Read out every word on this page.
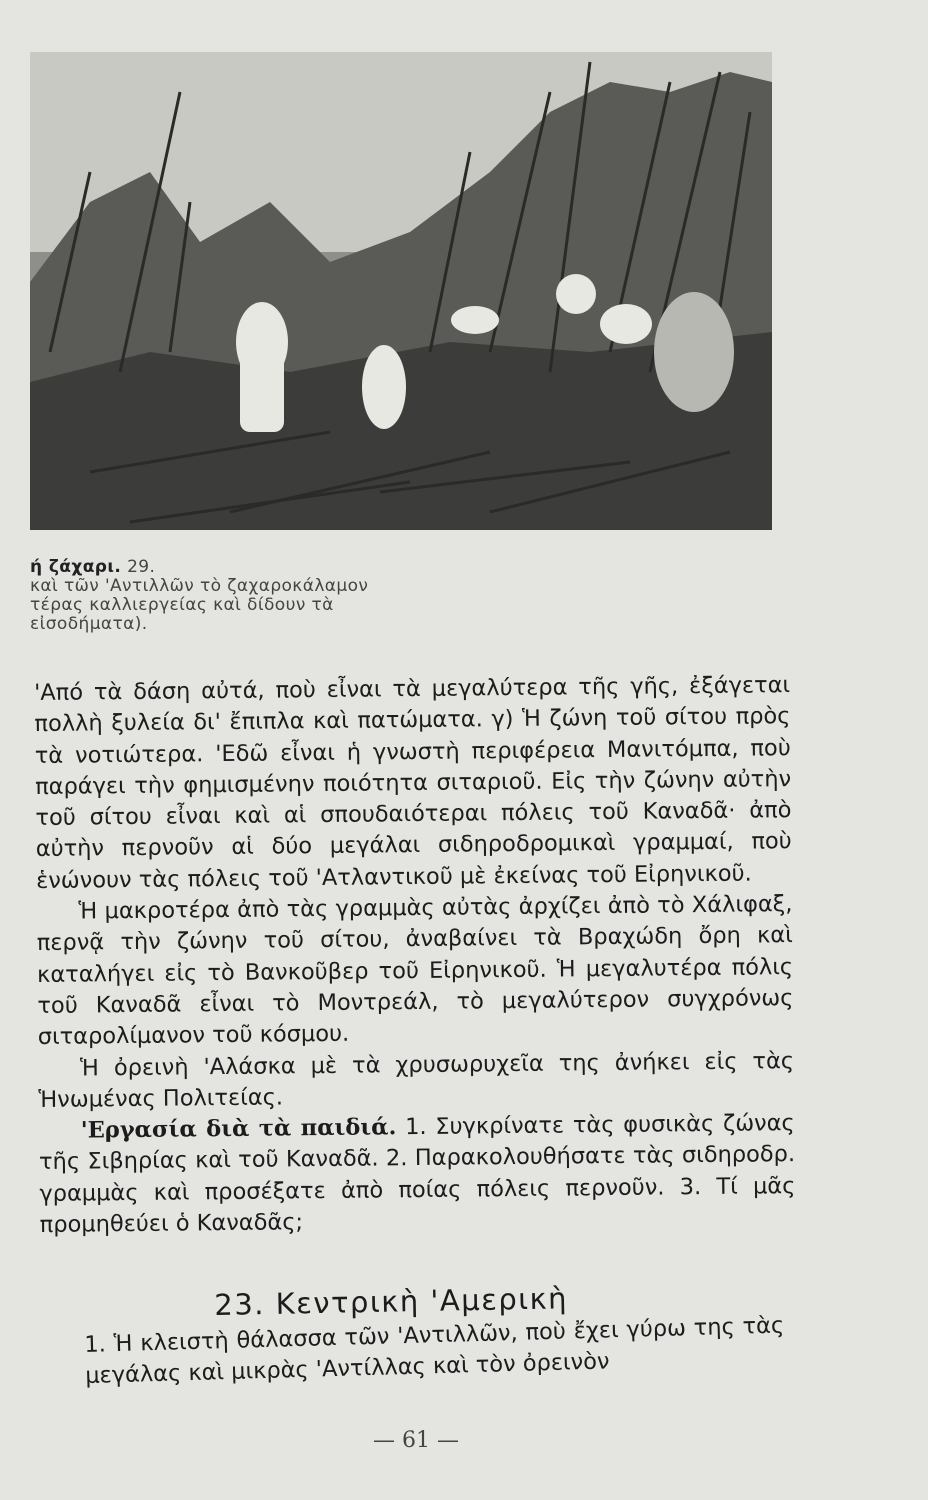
ή ζάχαρι. 29.
καὶ τῶν 'Αντιλλῶν τὸ ζαχαροκάλαμον
τέρας καλλιεργείας καὶ δίδουν τὰ
εἰσοδήματα).

'Από τὰ δάση αὐτά, ποὺ εἶναι τὰ μεγαλύτερα τῆς γῆς, ἐξάγεται πολλὴ ξυλεία δι' ἔπιπλα καὶ πατώματα. γ) Ἡ ζώνη τοῦ σίτου πρὸς τὰ νοτιώτερα. 'Εδῶ εἶναι ἡ γνωστὴ περιφέρεια Μανιτόμπα, ποὺ παράγει τὴν φημισμένην ποιότητα σιταριοῦ. Εἰς τὴν ζώνην αὐτὴν τοῦ σίτου εἶναι καὶ αἱ σπουδαιότεραι πόλεις τοῦ Καναδᾶ· ἀπὸ αὐτὴν περνοῦν αἱ δύο μεγάλαι σιδηροδρομικαὶ γραμμαί, ποὺ ἑνώνουν τὰς πόλεις τοῦ 'Ατλαντικοῦ μὲ ἐκείνας τοῦ Εἰρηνικοῦ.

Ἡ μακροτέρα ἀπὸ τὰς γραμμὰς αὐτὰς ἀρχίζει ἀπὸ τὸ Χάλιφαξ, περνᾷ τὴν ζώνην τοῦ σίτου, ἀναβαίνει τὰ Βραχώδη ὄρη καὶ καταλήγει εἰς τὸ Βανκοῦβερ τοῦ Εἰρηνικοῦ. Ἡ μεγαλυτέρα πόλις τοῦ Καναδᾶ εἶναι τὸ Μοντρεάλ, τὸ μεγαλύτερον συγχρόνως σιταρολίμανον τοῦ κόσμου.

Ἡ ὀρεινὴ 'Αλάσκα μὲ τὰ χρυσωρυχεῖα της ἀνήκει εἰς τὰς Ἡνωμένας Πολιτείας.

'Εργασία διὰ τὰ παιδιά. 1. Συγκρίνατε τὰς φυσικὰς ζώνας τῆς Σιβηρίας καὶ τοῦ Καναδᾶ. 2. Παρακολουθήσατε τὰς σιδηροδρ. γραμμὰς καὶ προσέξατε ἀπὸ ποίας πόλεις περνοῦν. 3. Τί μᾶς προμηθεύει ὁ Καναδᾶς;

23. Κεντρικὴ 'Αμερικὴ

1. Ἡ κλειστὴ θάλασσα τῶν 'Αντιλλῶν, ποὺ ἔχει γύρω της τὰς μεγάλας καὶ μικρὰς 'Αντίλλας καὶ τὸν ὀρεινὸν

— 61 —
